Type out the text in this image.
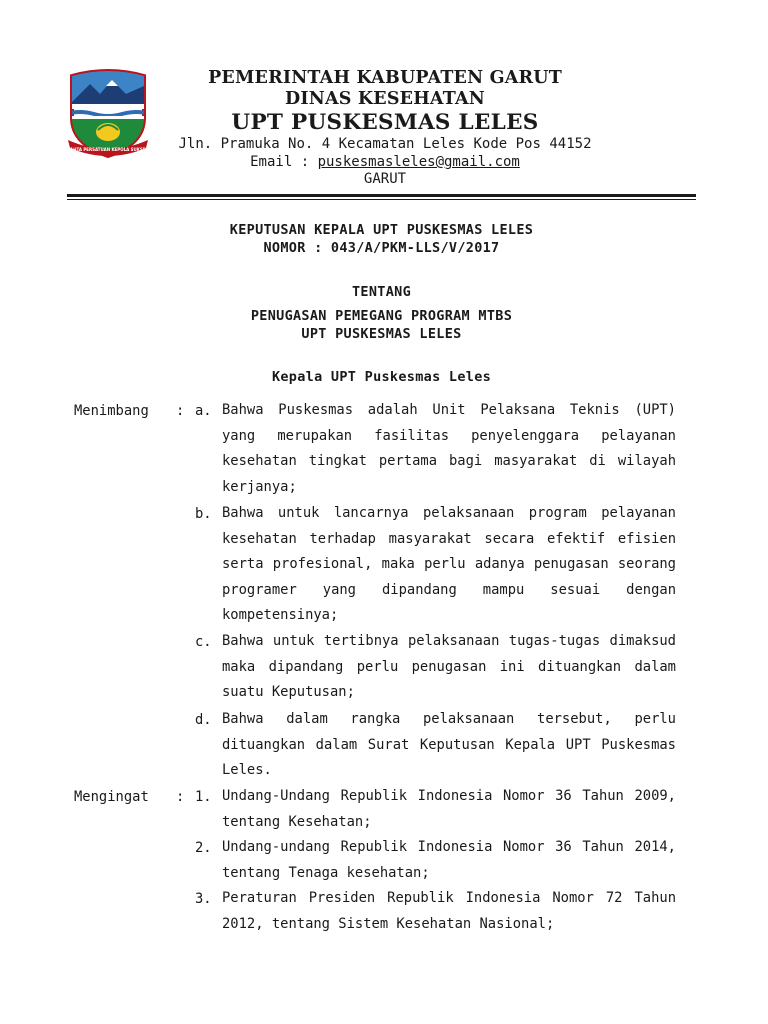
TAHTA PERSATUAN KEPOLA SUKSES
PEMERINTAH KABUPATEN GARUT
DINAS KESEHATAN
UPT PUSKESMAS LELES
Jln. Pramuka No. 4 Kecamatan Leles Kode Pos 44152
Email : puskesmasleles@gmail.com
GARUT
KEPUTUSAN KEPALA UPT PUSKESMAS LELES
NOMOR : 043/A/PKM-LLS/V/2017
TENTANG
PENUGASAN PEMEGANG PROGRAM MTBS
UPT PUSKESMAS LELES
Kepala UPT Puskesmas Leles
Menimbang : a. Bahwa Puskesmas adalah Unit Pelaksana Teknis (UPT) yang merupakan fasilitas penyelenggara pelayanan kesehatan tingkat pertama bagi masyarakat di wilayah kerjanya;
b. Bahwa untuk lancarnya pelaksanaan program pelayanan kesehatan terhadap masyarakat secara efektif efisien serta profesional, maka perlu adanya penugasan seorang programer yang dipandang mampu sesuai dengan kompetensinya;
c. Bahwa untuk tertibnya pelaksanaan tugas-tugas dimaksud maka dipandang perlu penugasan ini dituangkan dalam suatu Keputusan;
d. Bahwa dalam rangka pelaksanaan tersebut, perlu dituangkan dalam Surat Keputusan Kepala UPT Puskesmas Leles.
Mengingat : 1. Undang-Undang Republik Indonesia Nomor 36 Tahun 2009, tentang Kesehatan;
2. Undang-undang Republik Indonesia Nomor 36 Tahun 2014, tentang Tenaga kesehatan;
3. Peraturan Presiden Republik Indonesia Nomor 72 Tahun 2012, tentang Sistem Kesehatan Nasional;
